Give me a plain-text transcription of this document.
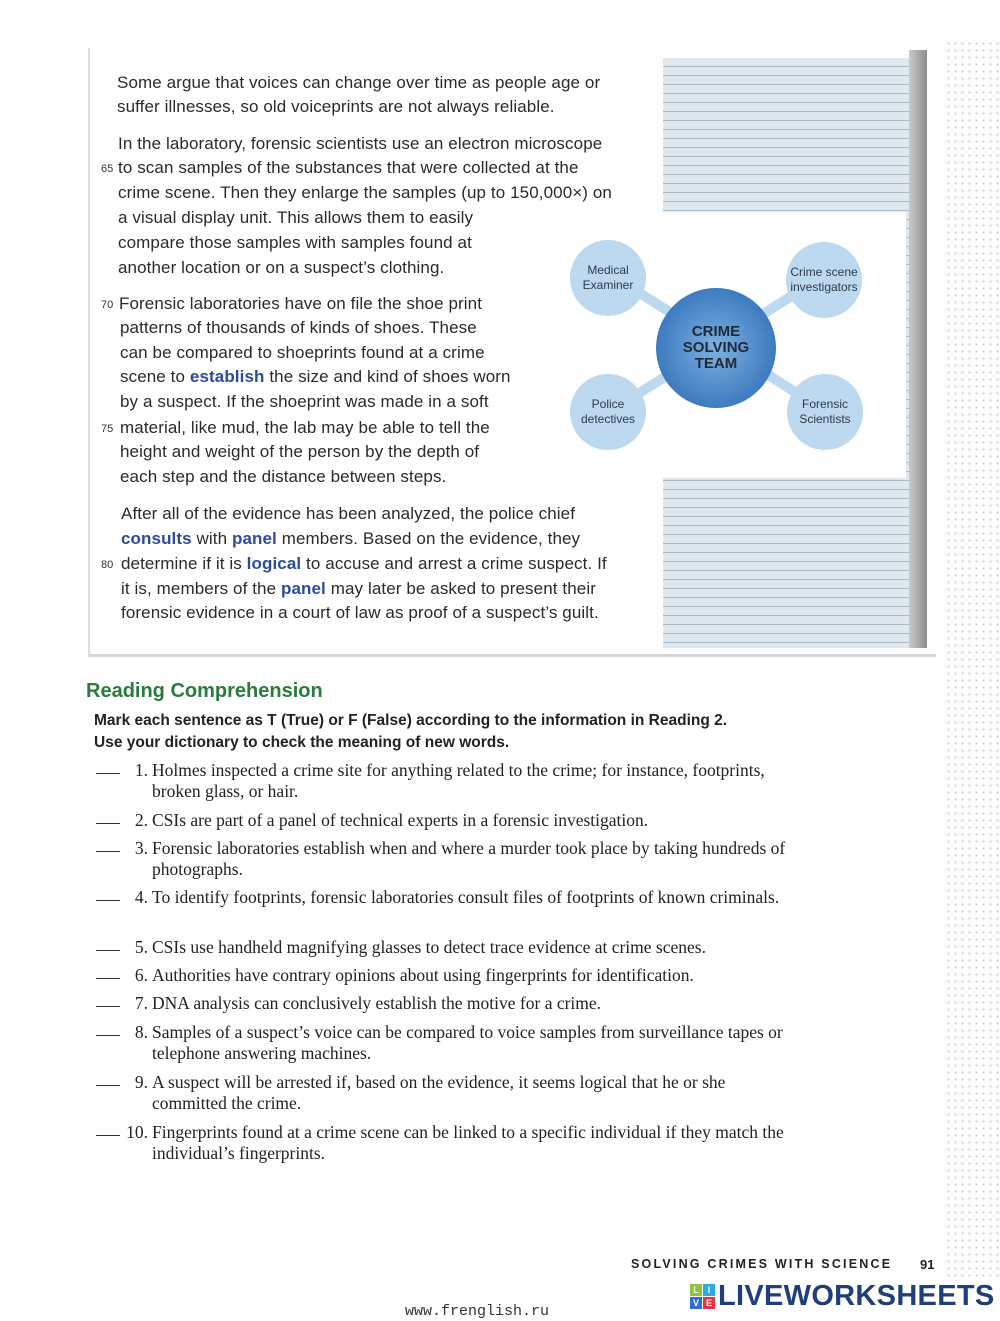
Medical
Examiner
Crime scene
investigators
Police
detectives
Forensic
Scientists
CRIME
SOLVING
TEAM
Some argue that voices can change over time as people age or
suffer illnesses, so old voiceprints are not always reliable.
In the laboratory, forensic scientists use an electron microscope
to scan samples of the substances that were collected at the
65
crime scene. Then they enlarge the samples (up to 150,000×) on
a visual display unit. This allows them to easily
compare those samples with samples found at
another location or on a suspect’s clothing.
Forensic laboratories have on file the shoe print
70
patterns of thousands of kinds of shoes. These
can be compared to shoeprints found at a crime
scene to establish the size and kind of shoes worn
by a suspect. If the shoeprint was made in a soft
material, like mud, the lab may be able to tell the
75
height and weight of the person by the depth of
each step and the distance between steps.
After all of the evidence has been analyzed, the police chief
consults with panel members. Based on the evidence, they
determine if it is logical to accuse and arrest a crime suspect. If
80
it is, members of the panel may later be asked to present their
forensic evidence in a court of law as proof of a suspect’s guilt.
Reading Comprehension
Mark each sentence as T (True) or F (False) according to the information in Reading 2.
Use your dictionary to check the meaning of new words.
1. Holmes inspected a crime site for anything related to the crime; for instance, footprints, broken glass, or hair.
2. CSIs are part of a panel of technical experts in a forensic investigation.
3. Forensic laboratories establish when and where a murder took place by taking hundreds of photographs.
4. To identify footprints, forensic laboratories consult files of footprints of known criminals.
5. CSIs use handheld magnifying glasses to detect trace evidence at crime scenes.
6. Authorities have contrary opinions about using fingerprints for identification.
7. DNA analysis can conclusively establish the motive for a crime.
8. Samples of a suspect’s voice can be compared to voice samples from surveillance tapes or telephone answering machines.
9. A suspect will be arrested if, based on the evidence, it seems logical that he or she committed the crime.
10. Fingerprints found at a crime scene can be linked to a specific individual if they match the individual’s fingerprints.
SOLVING CRIMES WITH SCIENCE 91
L I
V E LIVEWORKSHEETS
www.frenglish.ru
